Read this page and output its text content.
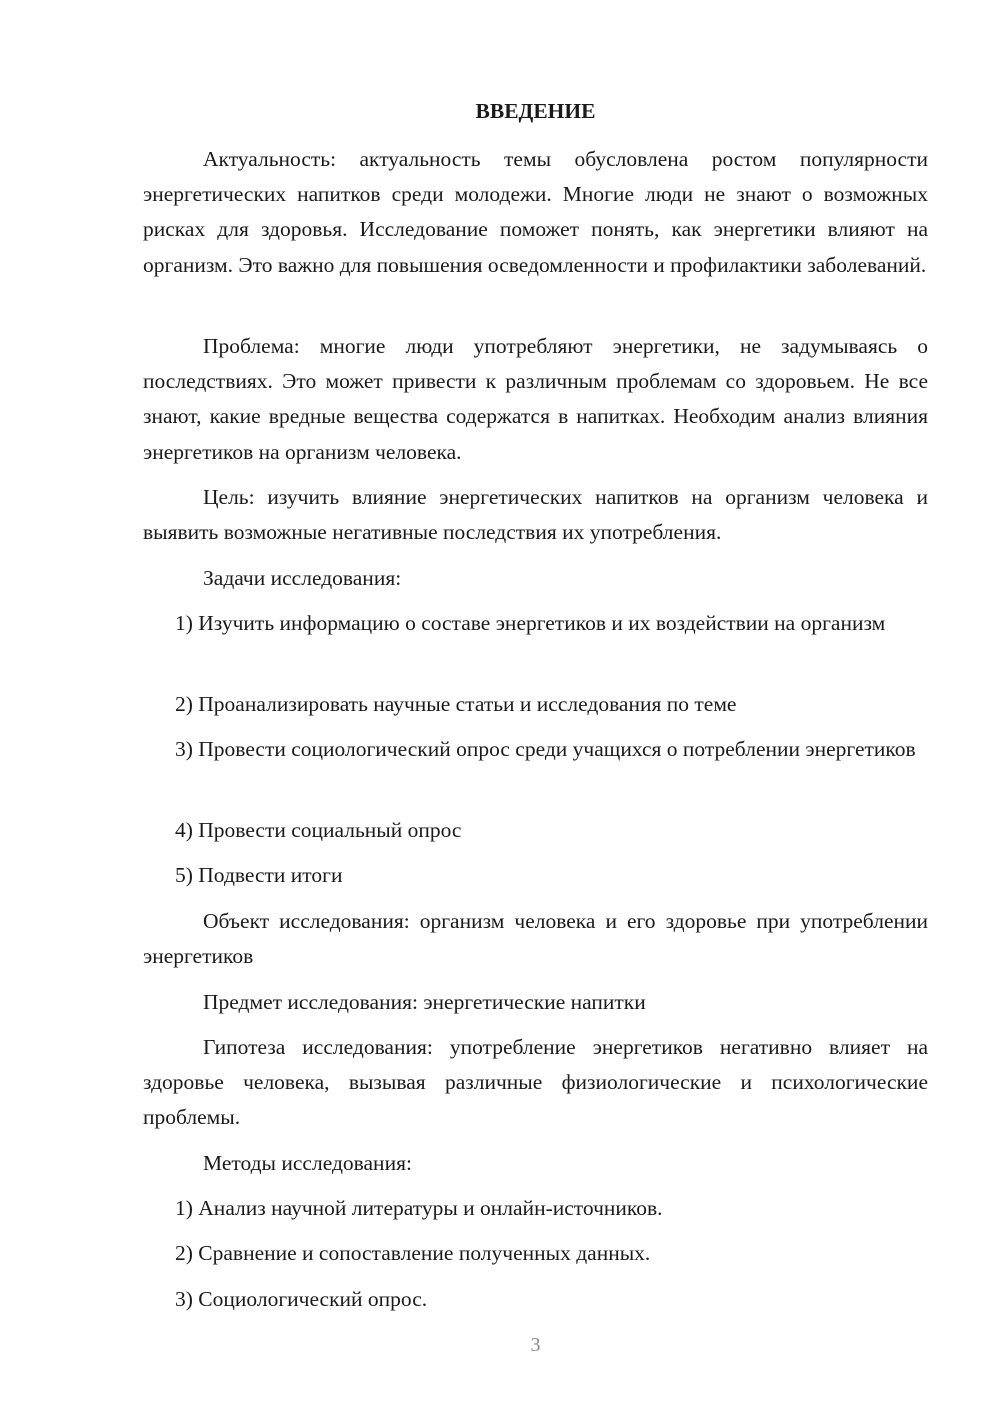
ВВЕДЕНИЕ

Актуальность: актуальность темы обусловлена ростом популярности энергетических напитков среди молодежи. Многие люди не знают о возможных рисках для здоровья. Исследование поможет понять, как энергетики влияют на организм. Это важно для повышения осведомленности и профилактики заболеваний.

Проблема: многие люди употребляют энергетики, не задумываясь о последствиях. Это может привести к различным проблемам со здоровьем. Не все знают, какие вредные вещества содержатся в напитках. Необходим анализ влияния энергетиков на организм человека.

Цель: изучить влияние энергетических напитков на организм человека и выявить возможные негативные последствия их употребления.

Задачи исследования:

1) Изучить информацию о составе энергетиков и их воздействии на организм

2) Проанализировать научные статьи и исследования по теме

3) Провести социологический опрос среди учащихся о потреблении энергетиков

4) Провести социальный опрос

5) Подвести итоги

Объект исследования: организм человека и его здоровье при употреблении энергетиков

Предмет исследования: энергетические напитки

Гипотеза исследования: употребление энергетиков негативно влияет на здоровье человека, вызывая различные физиологические и психологические проблемы.

Методы исследования:

1) Анализ научной литературы и онлайн-источников.

2) Сравнение и сопоставление полученных данных.

3) Социологический опрос.

3
